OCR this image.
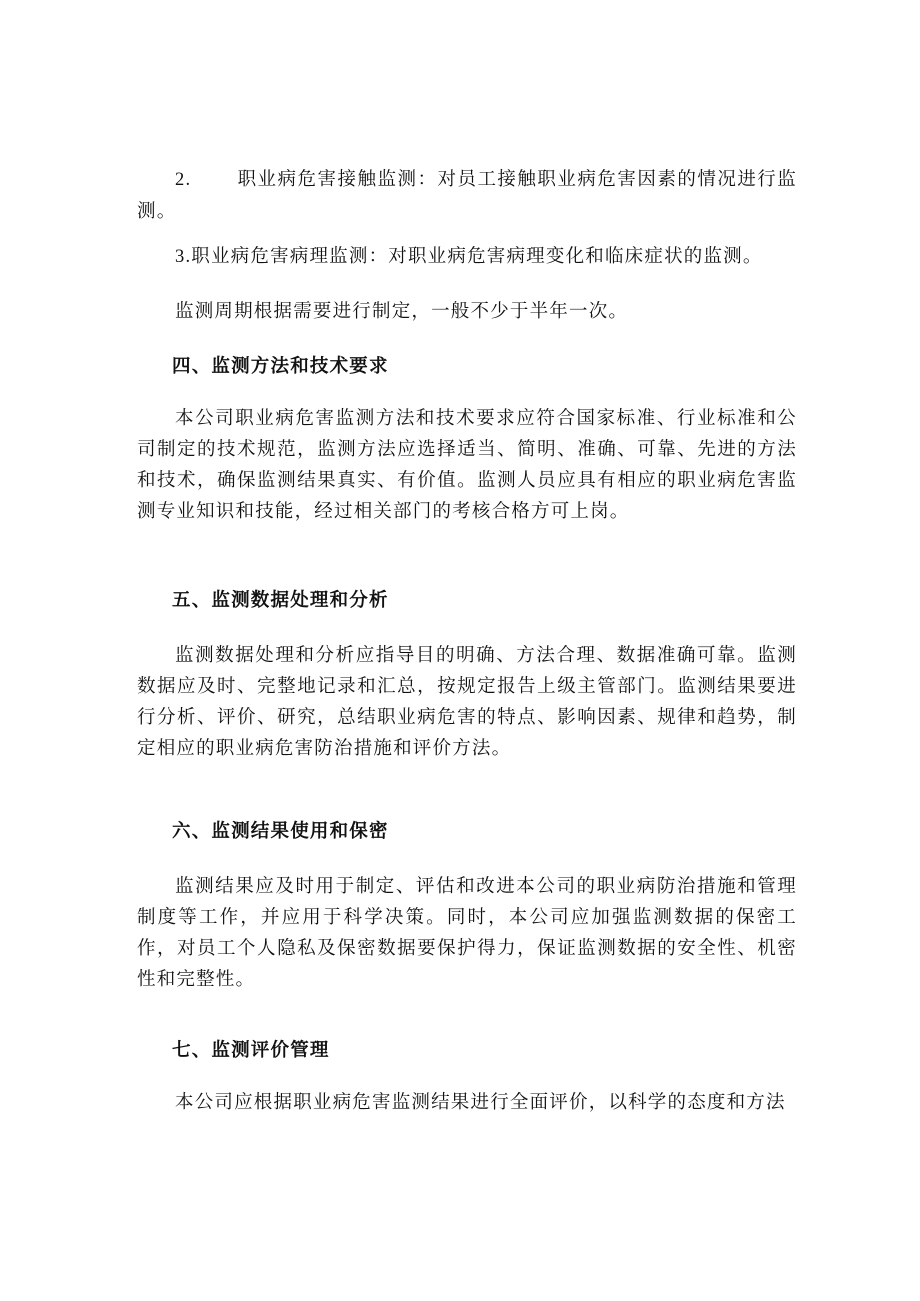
2. 职业病危害接触监测：对员工接触职业病危害因素的情况进行监测。
3.职业病危害病理监测：对职业病危害病理变化和临床症状的监测。
监测周期根据需要进行制定，一般不少于半年一次。
四、监测方法和技术要求
本公司职业病危害监测方法和技术要求应符合国家标准、行业标准和公司制定的技术规范，监测方法应选择适当、简明、准确、可靠、先进的方法和技术，确保监测结果真实、有价值。监测人员应具有相应的职业病危害监测专业知识和技能，经过相关部门的考核合格方可上岗。
五、监测数据处理和分析
监测数据处理和分析应指导目的明确、方法合理、数据准确可靠。监测数据应及时、完整地记录和汇总，按规定报告上级主管部门。监测结果要进行分析、评价、研究，总结职业病危害的特点、影响因素、规律和趋势，制定相应的职业病危害防治措施和评价方法。
六、监测结果使用和保密
监测结果应及时用于制定、评估和改进本公司的职业病防治措施和管理制度等工作，并应用于科学决策。同时，本公司应加强监测数据的保密工作，对员工个人隐私及保密数据要保护得力，保证监测数据的安全性、机密性和完整性。
七、监测评价管理
本公司应根据职业病危害监测结果进行全面评价，以科学的态度和方法
